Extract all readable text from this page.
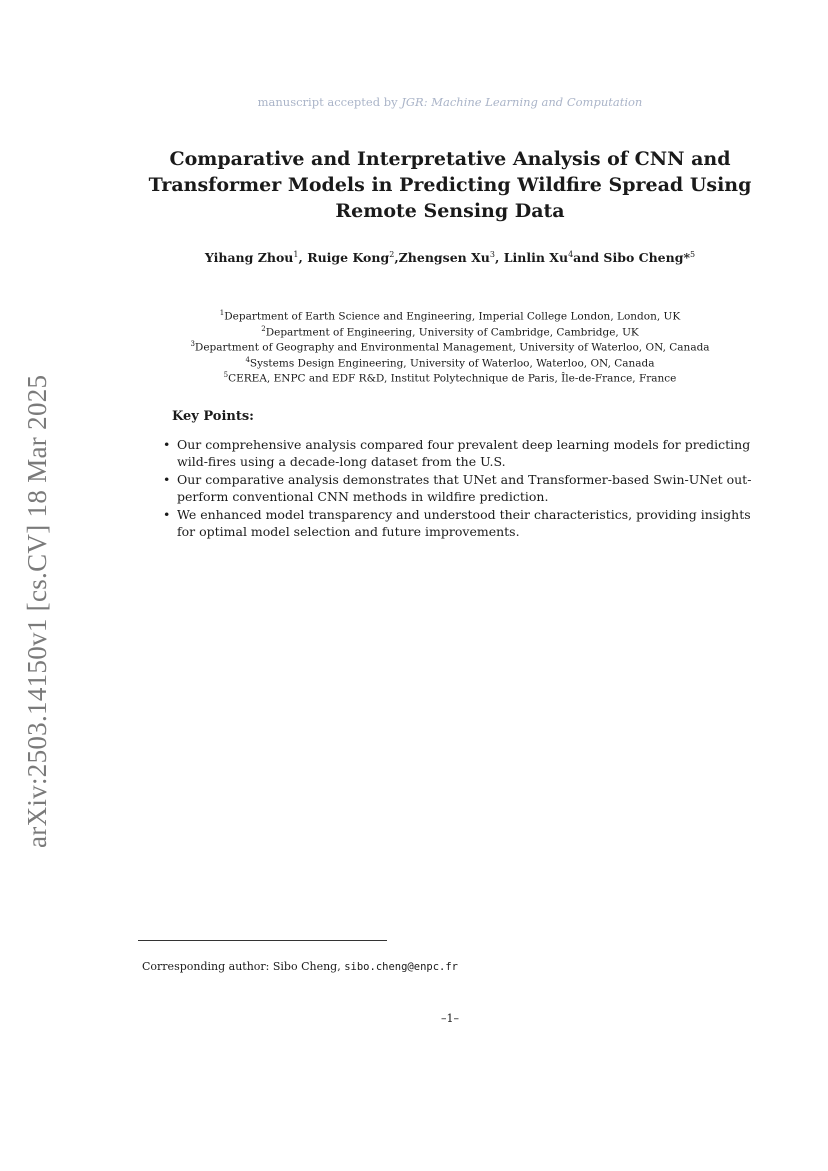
manuscript accepted by JGR: Machine Learning and Computation
Comparative and Interpretative Analysis of CNN and
Transformer Models in Predicting Wildfire Spread Using
Remote Sensing Data
Yihang Zhou$^1$, Ruige Kong$^2$,Zhengsen Xu$^3$, Linlin Xu$^4$and Sibo Cheng*$^5$
$^1$Department of Earth Science and Engineering, Imperial College London, London, UK
$^2$Department of Engineering, University of Cambridge, Cambridge, UK
$^3$Department of Geography and Environmental Management, University of Waterloo, ON, Canada
$^4$Systems Design Engineering, University of Waterloo, Waterloo, ON, Canada
$^5$CEREA, ENPC and EDF R&D, Institut Polytechnique de Paris, Île-de-France, France
arXiv:2503.14150v1 [cs.CV] 18 Mar 2025	Key Points:
• Our comprehensive analysis compared four prevalent deep learning models for predicting wild-fires using a decade-long dataset from the U.S.
• Our comparative analysis demonstrates that UNet and Transformer-based Swin-UNet out-perform conventional CNN methods in wildfire prediction.
• We enhanced model transparency and understood their characteristics, providing insights for optimal model selection and future improvements.
Corresponding author: Sibo Cheng, sibo.cheng@enpc.fr
–1–
